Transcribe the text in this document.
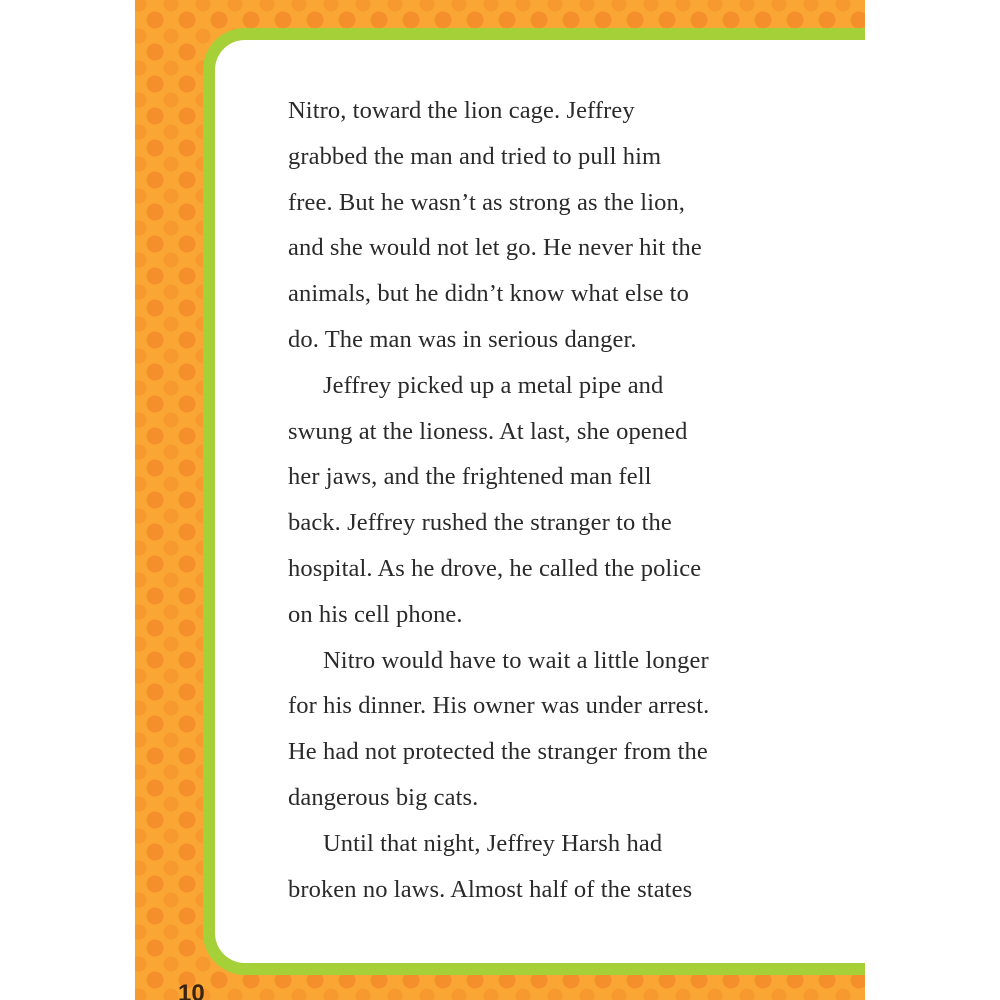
Nitro, toward the lion cage. Jeffrey
grabbed the man and tried to pull him
free. But he wasn’t as strong as the lion,
and she would not let go. He never hit the
animals, but he didn’t know what else to
do. The man was in serious danger.
Jeffrey picked up a metal pipe and
swung at the lioness. At last, she opened
her jaws, and the frightened man fell
back. Jeffrey rushed the stranger to the
hospital. As he drove, he called the police
on his cell phone.
Nitro would have to wait a little longer
for his dinner. His owner was under arrest.
He had not protected the stranger from the
dangerous big cats.
Until that night, Jeffrey Harsh had
broken no laws. Almost half of the states
10
